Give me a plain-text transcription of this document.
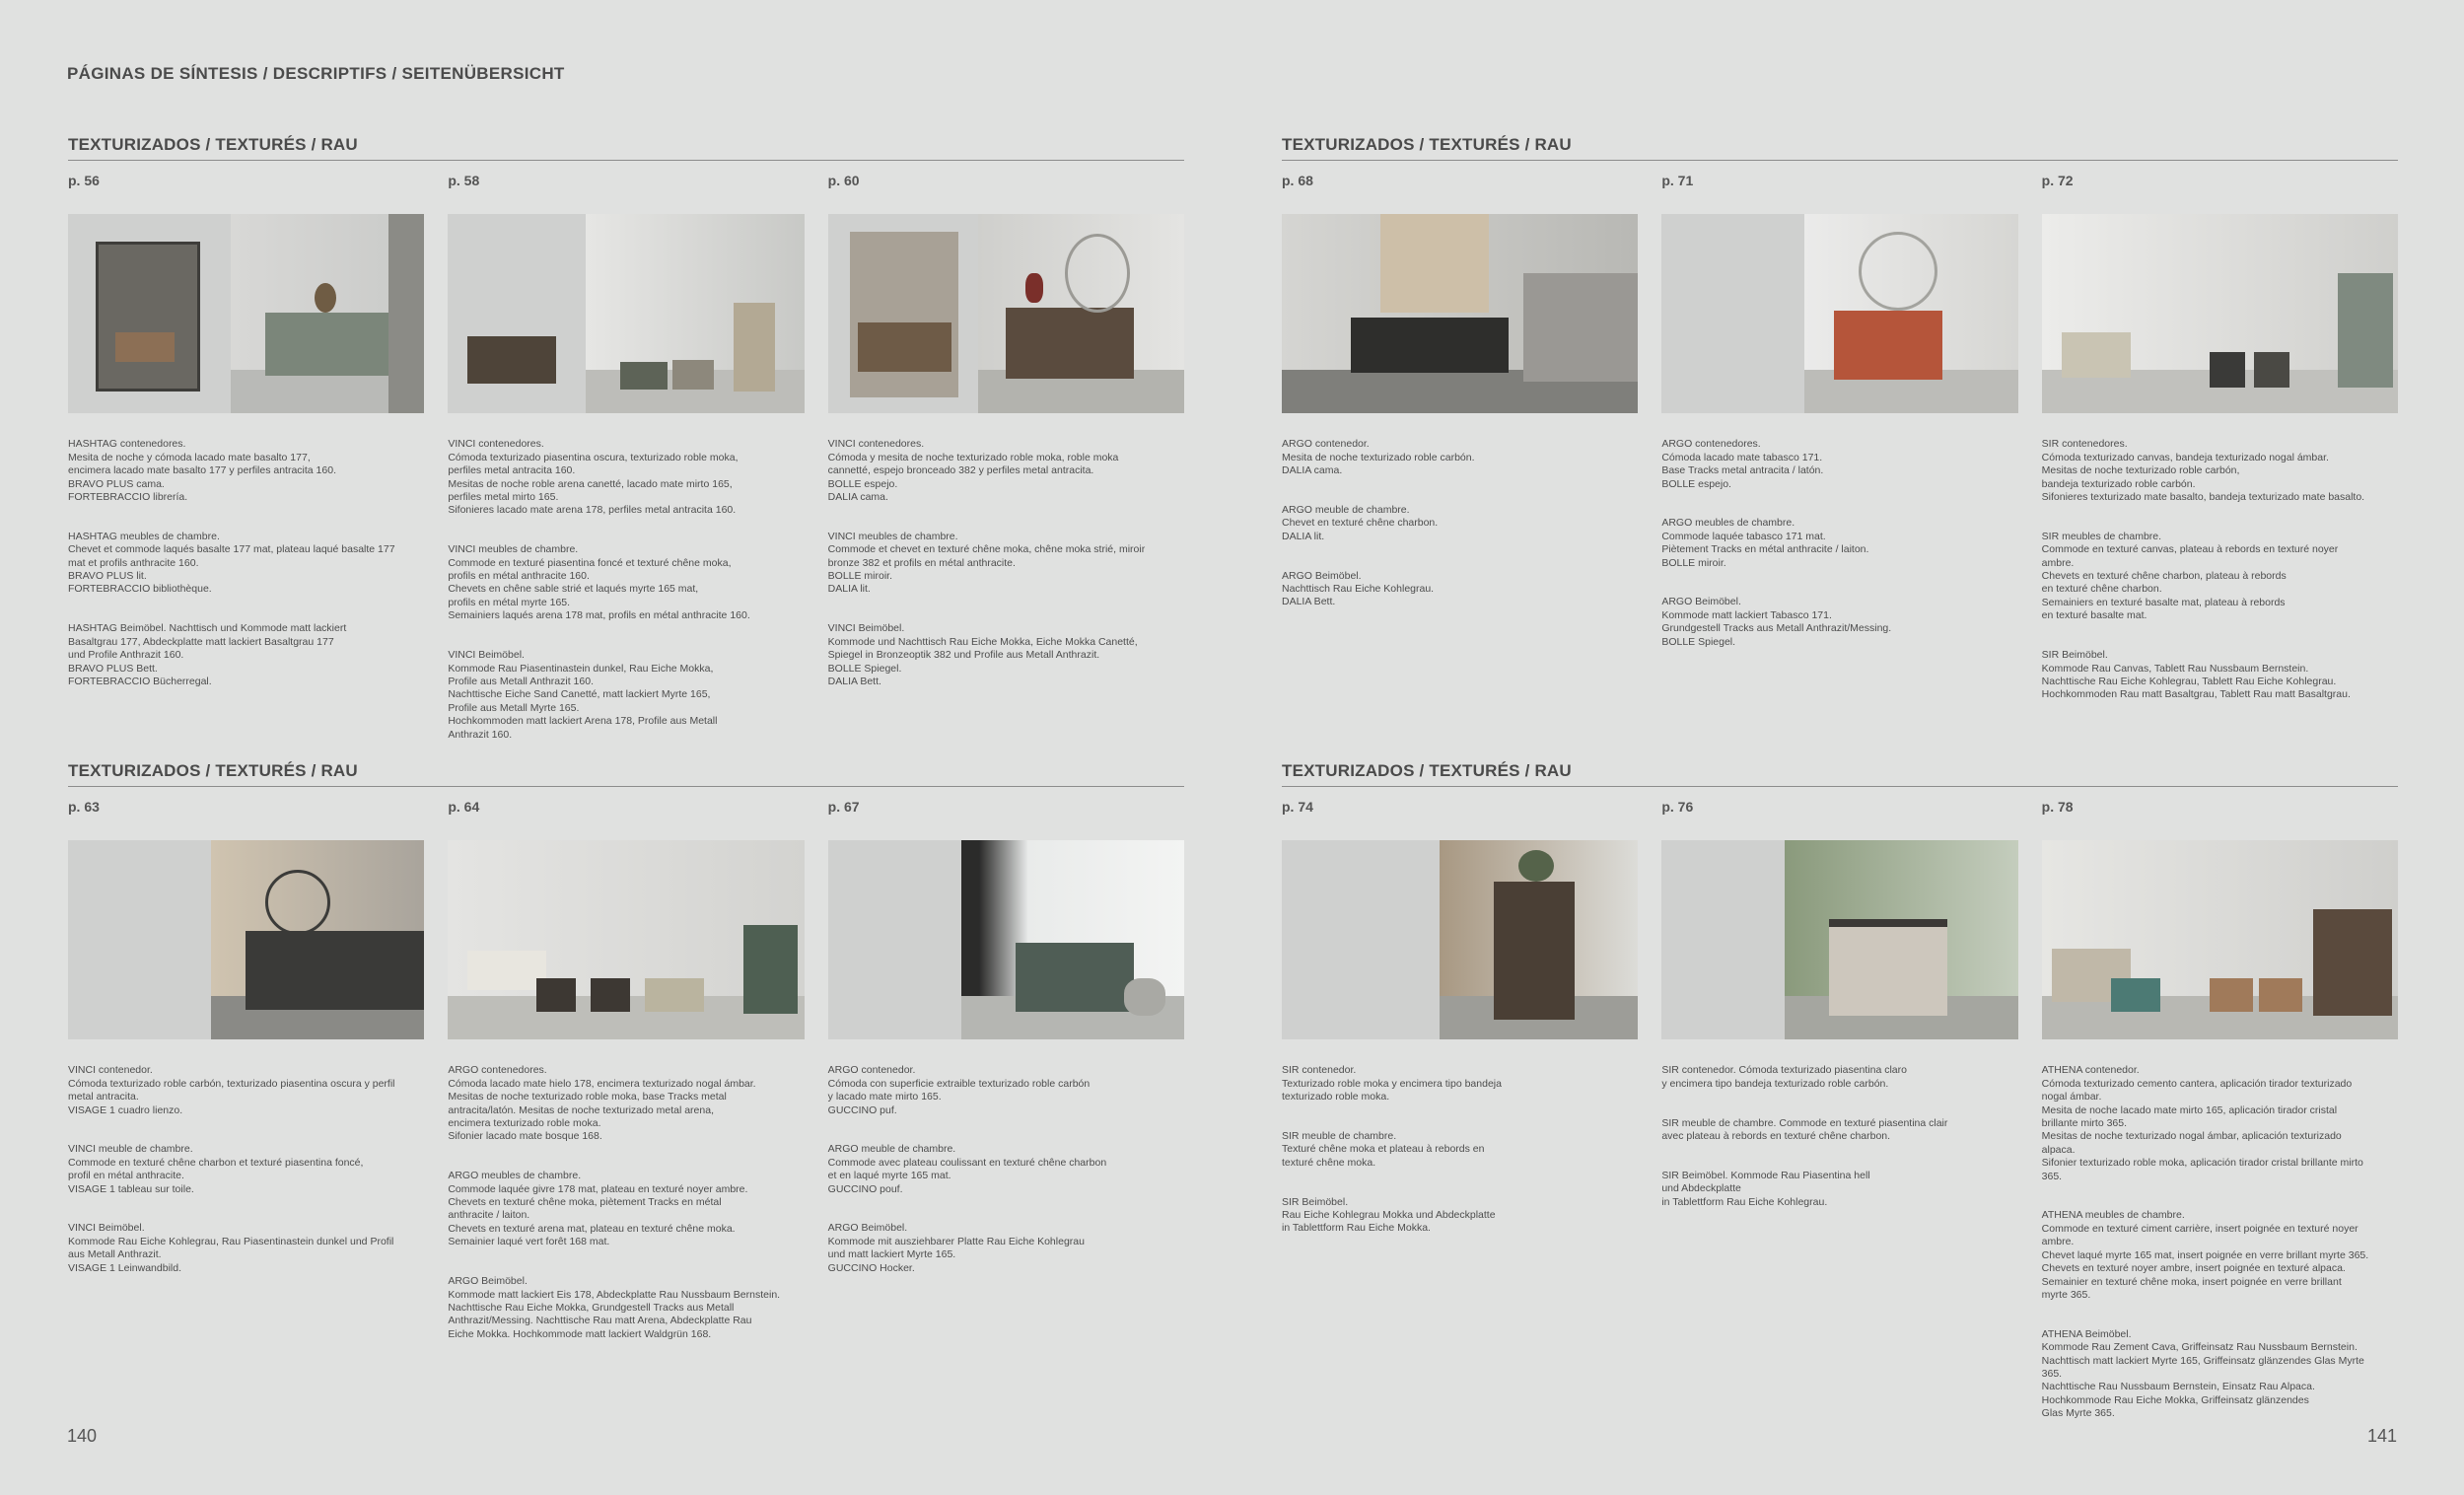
PÁGINAS DE SÍNTESIS / DESCRIPTIFS / SEITENÜBERSICHT
TEXTURIZADOS / TEXTURÉS / RAU
p. 56

HASHTAG contenedores.
Mesita de noche y cómoda lacado mate basalto 177,
encimera lacado mate basalto 177 y perfiles antracita 160.
BRAVO PLUS cama.
FORTEBRACCIO librería.

HASHTAG meubles de chambre.
Chevet et commode laqués basalte 177 mat, plateau laqué basalte 177
mat et profils anthracite 160.
BRAVO PLUS lit.
FORTEBRACCIO bibliothèque.

HASHTAG Beimöbel. Nachttisch und Kommode matt lackiert
Basaltgrau 177, Abdeckplatte matt lackiert Basaltgrau 177
und Profile Anthrazit 160.
BRAVO PLUS Bett.
FORTEBRACCIO Bücherregal.

p. 58

VINCI contenedores.
Cómoda texturizado piasentina oscura, texturizado roble moka,
perfiles metal antracita 160.
Mesitas de noche roble arena canetté, lacado mate mirto 165,
perfiles metal mirto 165.
Sifonieres lacado mate arena 178, perfiles metal antracita 160.

VINCI meubles de chambre.
Commode en texturé piasentina foncé et texturé chêne moka,
profils en métal anthracite 160.
Chevets en chêne sable strié et laqués myrte 165 mat,
profils en métal myrte 165.
Semainiers laqués arena 178 mat, profils en métal anthracite 160.

VINCI Beimöbel.
Kommode Rau Piasentinastein dunkel, Rau Eiche Mokka,
Profile aus Metall Anthrazit 160.
Nachttische Eiche Sand Canetté, matt lackiert Myrte 165,
Profile aus Metall Myrte 165.
Hochkommoden matt lackiert Arena 178, Profile aus Metall
Anthrazit 160.

p. 60

VINCI contenedores.
Cómoda y mesita de noche texturizado roble moka, roble moka
cannetté, espejo bronceado 382 y perfiles metal antracita.
BOLLE espejo.
DALIA cama.

VINCI meubles de chambre.
Commode et chevet en texturé chêne moka, chêne moka strié, miroir
bronze 382 et profils en métal anthracite.
BOLLE miroir.
DALIA lit.

VINCI Beimöbel.
Kommode und Nachttisch Rau Eiche Mokka, Eiche Mokka Canetté,
Spiegel in Bronzeoptik 382 und Profile aus Metall Anthrazit.
BOLLE Spiegel.
DALIA Bett.

TEXTURIZADOS / TEXTURÉS / RAU
p. 68

ARGO contenedor.
Mesita de noche texturizado roble carbón.
DALIA cama.

ARGO meuble de chambre.
Chevet en texturé chêne charbon.
DALIA lit.

ARGO Beimöbel.
Nachttisch Rau Eiche Kohlegrau.
DALIA Bett.

p. 71

ARGO contenedores.
Cómoda lacado mate tabasco 171.
Base Tracks metal antracita / latón.
BOLLE espejo.

ARGO meubles de chambre.
Commode laquée tabasco 171 mat.
Piètement Tracks en métal anthracite / laiton.
BOLLE miroir.

ARGO Beimöbel.
Kommode matt lackiert Tabasco 171.
Grundgestell Tracks aus Metall Anthrazit/Messing.
BOLLE Spiegel.

p. 72

SIR contenedores.
Cómoda texturizado canvas, bandeja texturizado nogal ámbar.
Mesitas de noche texturizado roble carbón,
bandeja texturizado roble carbón.
Sifonieres texturizado mate basalto, bandeja texturizado mate basalto.

SIR meubles de chambre.
Commode en texturé canvas, plateau à rebords en texturé noyer
ambre.
Chevets en texturé chêne charbon, plateau à rebords
en texturé chêne charbon.
Semainiers en texturé basalte mat, plateau à rebords
en texturé basalte mat.

SIR Beimöbel.
Kommode Rau Canvas, Tablett Rau Nussbaum Bernstein.
Nachttische Rau Eiche Kohlegrau, Tablett Rau Eiche Kohlegrau.
Hochkommoden Rau matt Basaltgrau, Tablett Rau matt Basaltgrau.

TEXTURIZADOS / TEXTURÉS / RAU
p. 63

VINCI contenedor.
Cómoda texturizado roble carbón, texturizado piasentina oscura y perfil
metal antracita.
VISAGE 1 cuadro lienzo.

VINCI meuble de chambre.
Commode en texturé chêne charbon et texturé piasentina foncé,
profil en métal anthracite.
VISAGE 1 tableau sur toile.

VINCI Beimöbel.
Kommode Rau Eiche Kohlegrau, Rau Piasentinastein dunkel und Profil
aus Metall Anthrazit.
VISAGE 1 Leinwandbild.

p. 64

ARGO contenedores.
Cómoda lacado mate hielo 178, encimera texturizado nogal ámbar.
Mesitas de noche texturizado roble moka, base Tracks metal
antracita/latón. Mesitas de noche texturizado metal arena,
encimera texturizado roble moka.
Sifonier lacado mate bosque 168.

ARGO meubles de chambre.
Commode laquée givre 178 mat, plateau en texturé noyer ambre.
Chevets en texturé chêne moka, piètement Tracks en métal
anthracite / laiton.
Chevets en texturé arena mat, plateau en texturé chêne moka.
Semainier laqué vert forêt 168 mat.

ARGO Beimöbel.
Kommode matt lackiert Eis 178, Abdeckplatte Rau Nussbaum Bernstein.
Nachttische Rau Eiche Mokka, Grundgestell Tracks aus Metall
Anthrazit/Messing. Nachttische Rau matt Arena, Abdeckplatte Rau
Eiche Mokka. Hochkommode matt lackiert Waldgrün 168.

p. 67

ARGO contenedor.
Cómoda con superficie extraible texturizado roble carbón
y lacado mate mirto 165.
GUCCINO puf.

ARGO meuble de chambre.
Commode avec plateau coulissant en texturé chêne charbon
et en laqué myrte 165 mat.
GUCCINO pouf.

ARGO Beimöbel.
Kommode mit ausziehbarer Platte Rau Eiche Kohlegrau
und matt lackiert Myrte 165.
GUCCINO Hocker.

TEXTURIZADOS / TEXTURÉS / RAU
p. 74

SIR contenedor.
Texturizado roble moka y encimera tipo bandeja
texturizado roble moka.

SIR meuble de chambre.
Texturé chêne moka et plateau à rebords en
texturé chêne moka.

SIR Beimöbel.
Rau Eiche Kohlegrau Mokka und Abdeckplatte
in Tablettform Rau Eiche Mokka.

p. 76

SIR contenedor. Cómoda texturizado piasentina claro
y encimera tipo bandeja texturizado roble carbón.

SIR meuble de chambre. Commode en texturé piasentina clair
avec plateau à rebords en texturé chêne charbon.

SIR Beimöbel. Kommode Rau Piasentina hell
und Abdeckplatte
in Tablettform Rau Eiche Kohlegrau.

p. 78

ATHENA contenedor.
Cómoda texturizado cemento cantera, aplicación tirador texturizado
nogal ámbar.
Mesita de noche lacado mate mirto 165, aplicación tirador cristal
brillante mirto 365.
Mesitas de noche texturizado nogal ámbar, aplicación texturizado
alpaca.
Sifonier texturizado roble moka, aplicación tirador cristal brillante mirto
365.

ATHENA meubles de chambre.
Commode en texturé ciment carrière, insert poignée en texturé noyer
ambre.
Chevet laqué myrte 165 mat, insert poignée en verre brillant myrte 365.
Chevets en texturé noyer ambre, insert poignée en texturé alpaca.
Semainier en texturé chêne moka, insert poignée en verre brillant
myrte 365.

ATHENA Beimöbel.
Kommode Rau Zement Cava, Griffeinsatz Rau Nussbaum Bernstein.
Nachttisch matt lackiert Myrte 165, Griffeinsatz glänzendes Glas Myrte
365.
Nachttische Rau Nussbaum Bernstein, Einsatz Rau Alpaca.
Hochkommode Rau Eiche Mokka, Griffeinsatz glänzendes
Glas Myrte 365.

140	141
